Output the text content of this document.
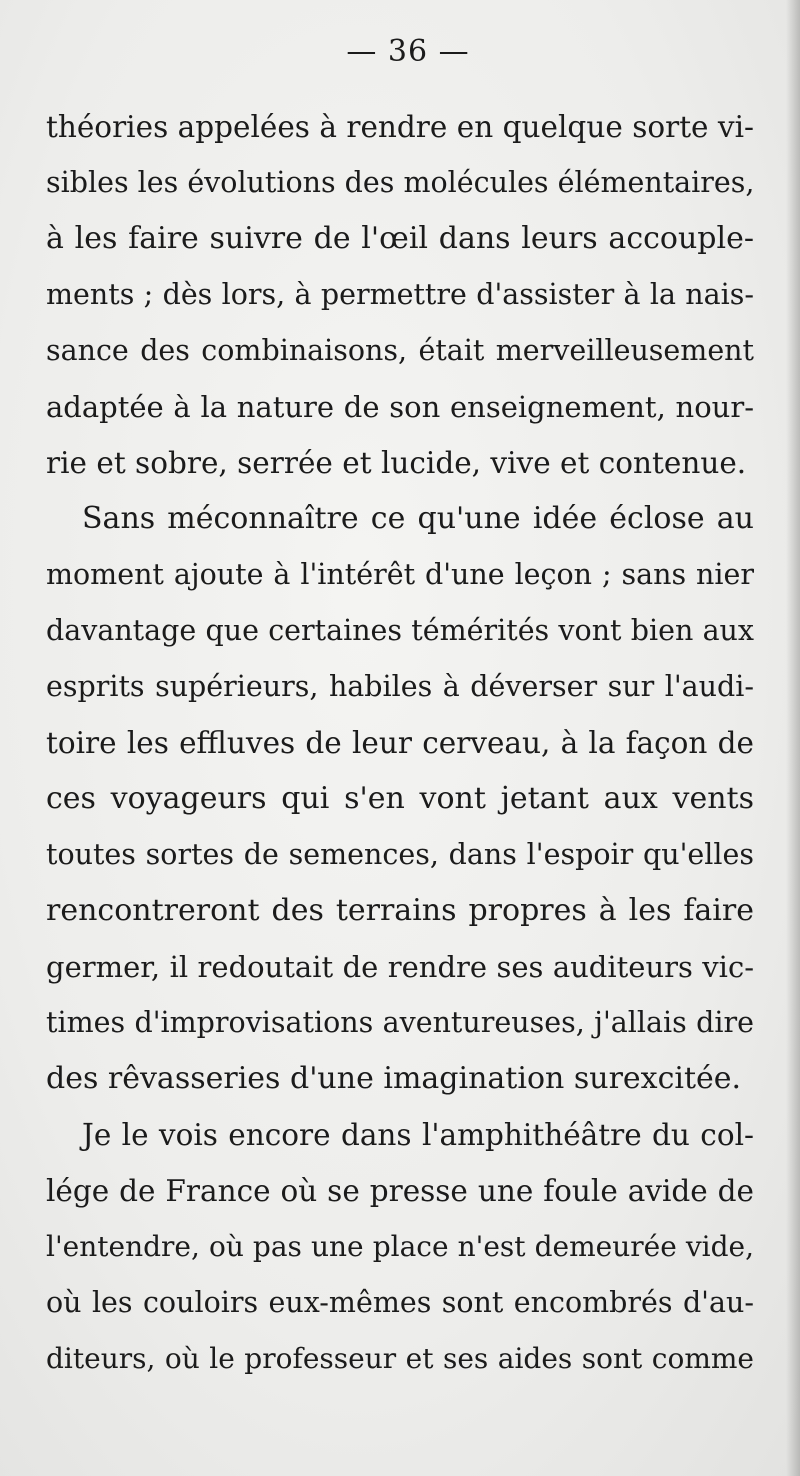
— 36 —
théories appelées à rendre en quelque sorte vi-
sibles les évolutions des molécules élémentaires,
à les faire suivre de l'œil dans leurs accouple-
ments ; dès lors, à permettre d'assister à la nais-
sance des combinaisons, était merveilleusement
adaptée à la nature de son enseignement, nour-
rie et sobre, serrée et lucide, vive et contenue.
Sans méconnaître ce qu'une idée éclose au
moment ajoute à l'intérêt d'une leçon ; sans nier
davantage que certaines témérités vont bien aux
esprits supérieurs, habiles à déverser sur l'audi-
toire les effluves de leur cerveau, à la façon de
ces voyageurs qui s'en vont jetant aux vents
toutes sortes de semences, dans l'espoir qu'elles
rencontreront des terrains propres à les faire
germer, il redoutait de rendre ses auditeurs vic-
times d'improvisations aventureuses, j'allais dire
des rêvasseries d'une imagination surexcitée.
Je le vois encore dans l'amphithéâtre du col-
lége de France où se presse une foule avide de
l'entendre, où pas une place n'est demeurée vide,
où les couloirs eux-mêmes sont encombrés d'au-
diteurs, où le professeur et ses aides sont comme
